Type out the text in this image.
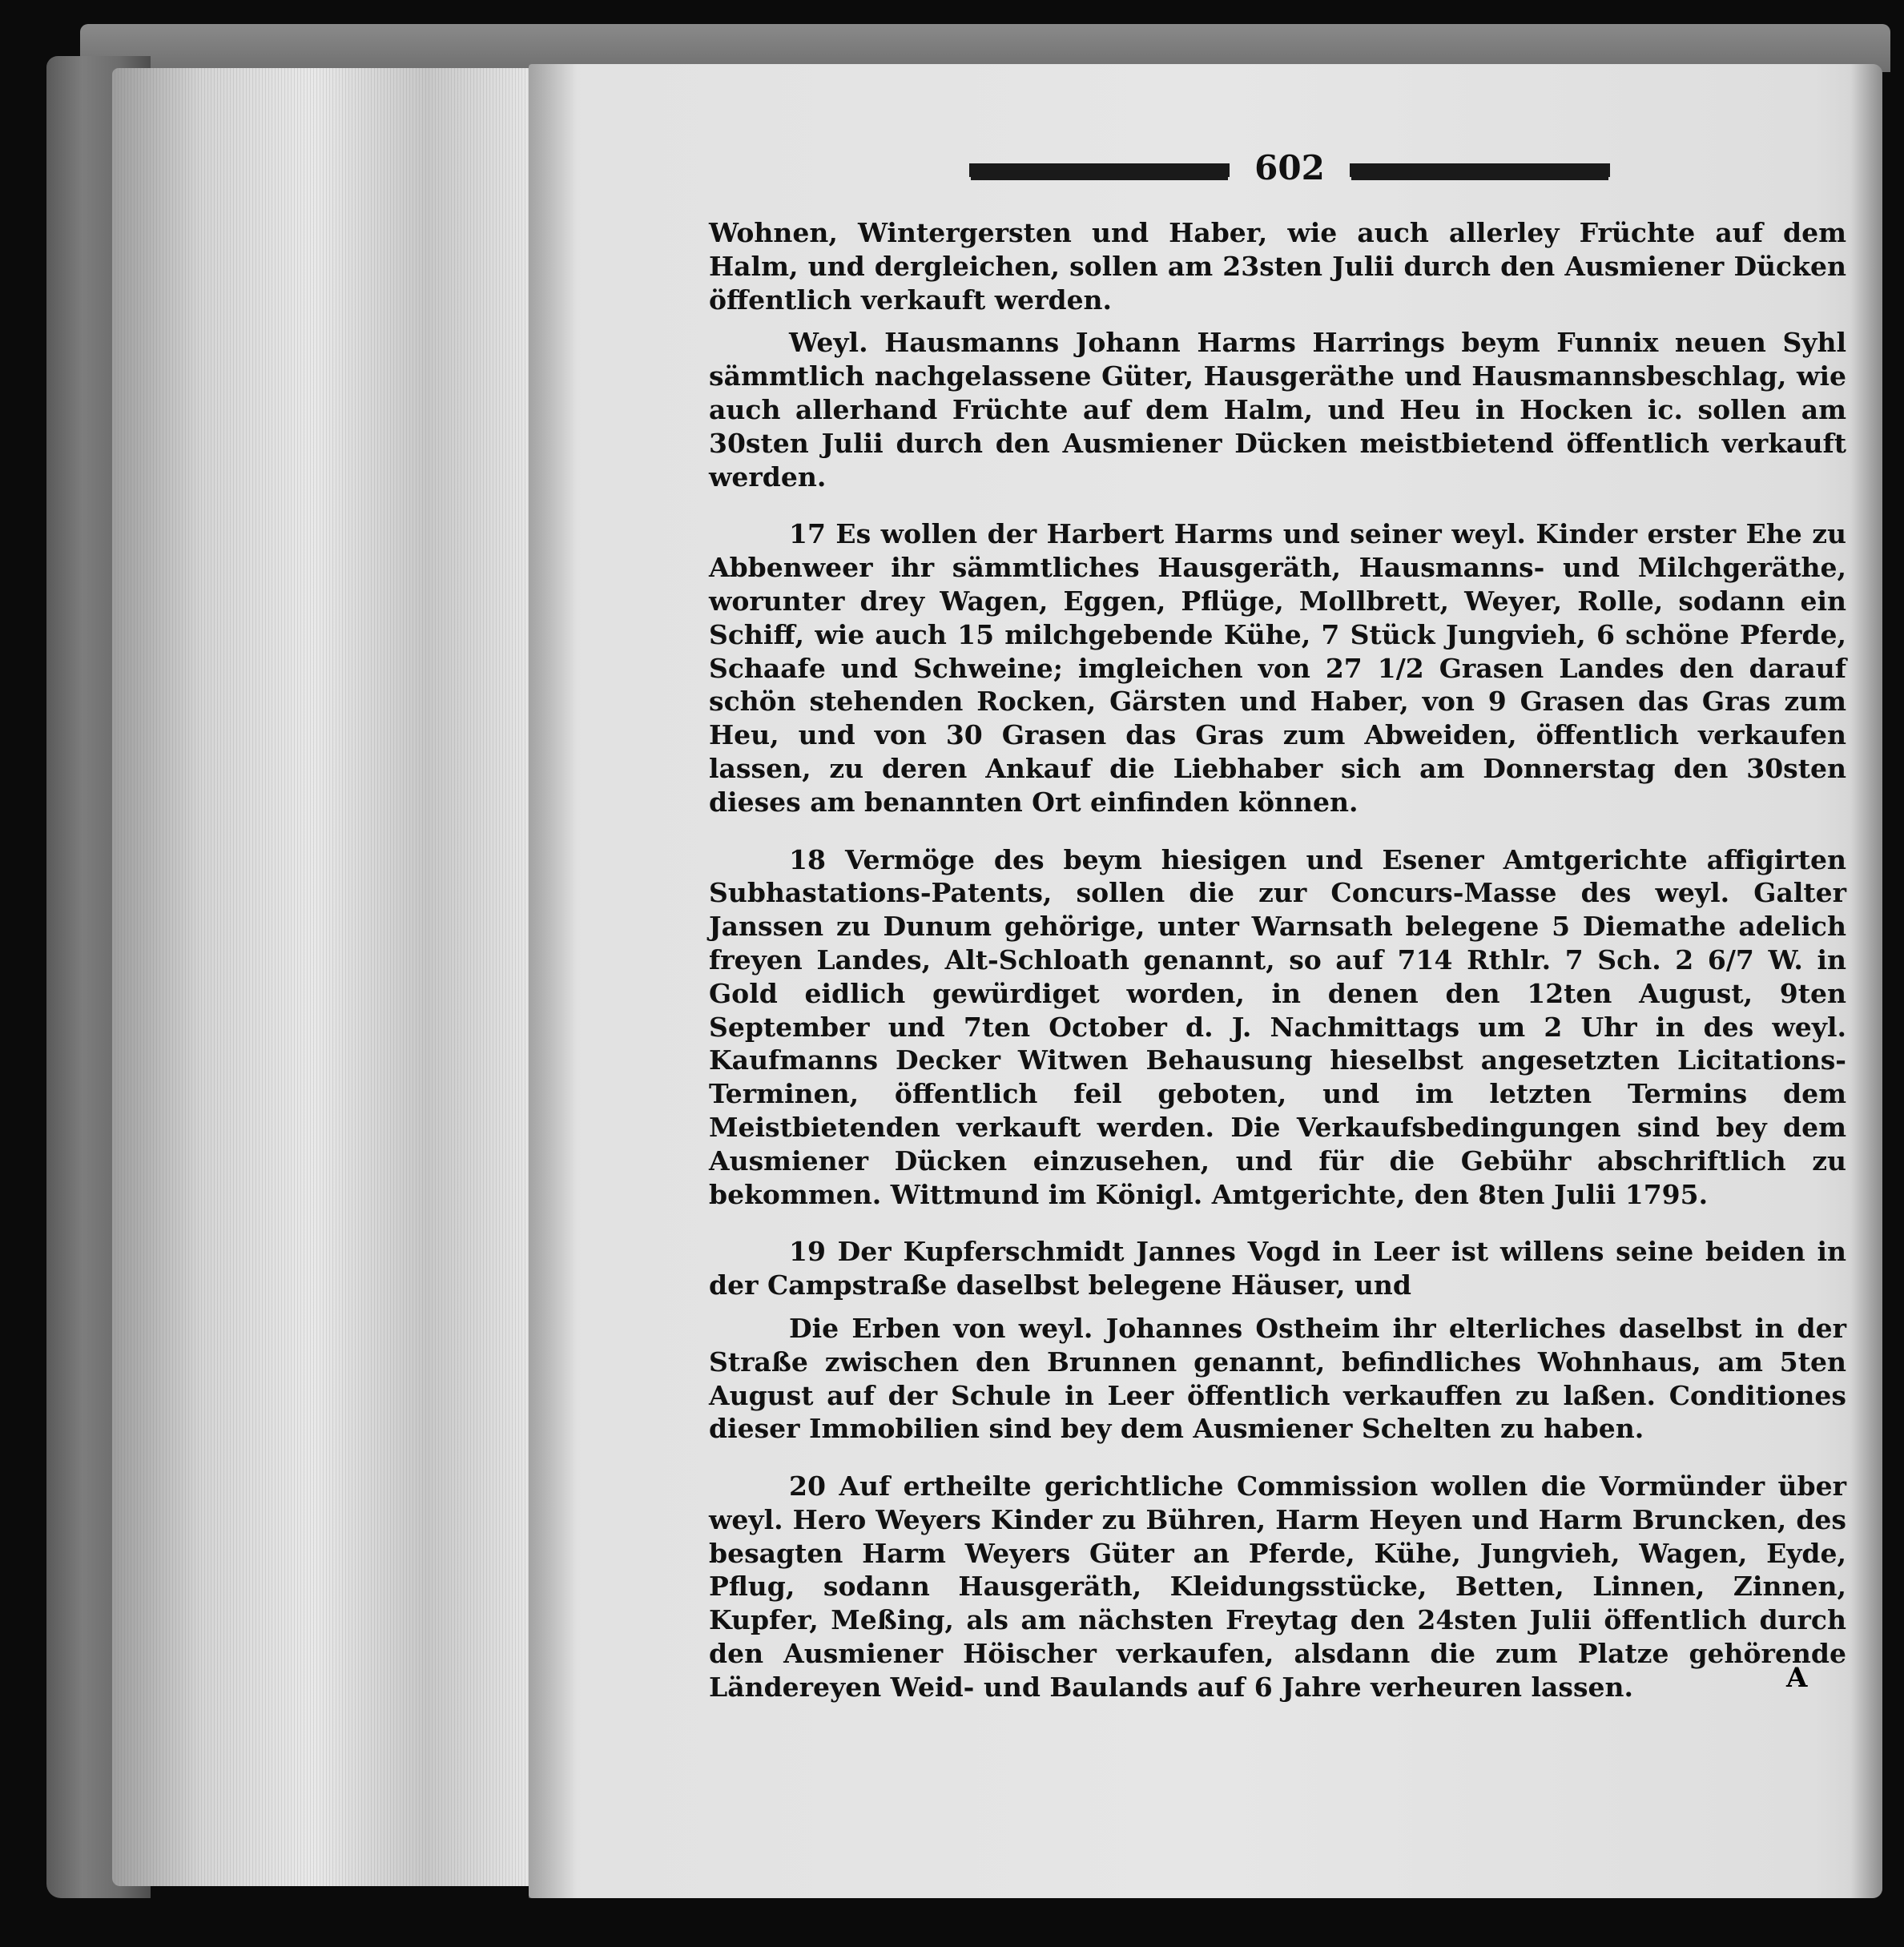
602

Wohnen, Wintergersten und Haber, wie auch allerley Früchte auf dem Halm, und dergleichen, sollen am 23sten Julii durch den Ausmiener Dücken öffentlich verkauft werden.

Weyl. Hausmanns Johann Harms Harrings beym Funnix neuen Syhl sämmtlich nachgelassene Güter, Hausgeräthe und Hausmannsbeschlag, wie auch allerhand Früchte auf dem Halm, und Heu in Hocken ic. sollen am 30sten Julii durch den Ausmiener Dücken meistbietend öffentlich verkauft werden.

17 Es wollen der Harbert Harms und seiner weyl. Kinder erster Ehe zu Abbenweer ihr sämmtliches Hausgeräth, Hausmanns- und Milchgeräthe, worunter drey Wagen, Eggen, Pflüge, Mollbrett, Weyer, Rolle, sodann ein Schiff, wie auch 15 milchgebende Kühe, 7 Stück Jungvieh, 6 schöne Pferde, Schaafe und Schweine; imgleichen von 27 1/2 Grasen Landes den darauf schön stehenden Rocken, Gärsten und Haber, von 9 Grasen das Gras zum Heu, und von 30 Grasen das Gras zum Abweiden, öffentlich verkaufen lassen, zu deren Ankauf die Liebhaber sich am Donnerstag den 30sten dieses am benannten Ort einfinden können.

18 Vermöge des beym hiesigen und Esener Amtgerichte affigirten Subhastations-Patents, sollen die zur Concurs-Masse des weyl. Galter Janssen zu Dunum gehörige, unter Warnsath belegene 5 Diemathe adelich freyen Landes, Alt-Schloath genannt, so auf 714 Rthlr. 7 Sch. 2 6/7 W. in Gold eidlich gewürdiget worden, in denen den 12ten August, 9ten September und 7ten October d. J. Nachmittags um 2 Uhr in des weyl. Kaufmanns Decker Witwen Behausung hieselbst angesetzten Licitations-Terminen, öffentlich feil geboten, und im letzten Termins dem Meistbietenden verkauft werden. Die Verkaufsbedingungen sind bey dem Ausmiener Dücken einzusehen, und für die Gebühr abschriftlich zu bekommen. Wittmund im Königl. Amtgerichte, den 8ten Julii 1795.

19 Der Kupferschmidt Jannes Vogd in Leer ist willens seine beiden in der Campstraße daselbst belegene Häuser, und

Die Erben von weyl. Johannes Ostheim ihr elterliches daselbst in der Straße zwischen den Brunnen genannt, befindliches Wohnhaus, am 5ten August auf der Schule in Leer öffentlich verkauffen zu laßen. Conditiones dieser Immobilien sind bey dem Ausmiener Schelten zu haben.

20 Auf ertheilte gerichtliche Commission wollen die Vormünder über weyl. Hero Weyers Kinder zu Bühren, Harm Heyen und Harm Bruncken, des besagten Harm Weyers Güter an Pferde, Kühe, Jungvieh, Wagen, Eyde, Pflug, sodann Hausgeräth, Kleidungsstücke, Betten, Linnen, Zinnen, Kupfer, Meßing, als am nächsten Freytag den 24sten Julii öffentlich durch den Ausmiener Höischer verkaufen, alsdann die zum Platze gehörende Ländereyen Weid- und Baulands auf 6 Jahre verheuren lassen.	A
